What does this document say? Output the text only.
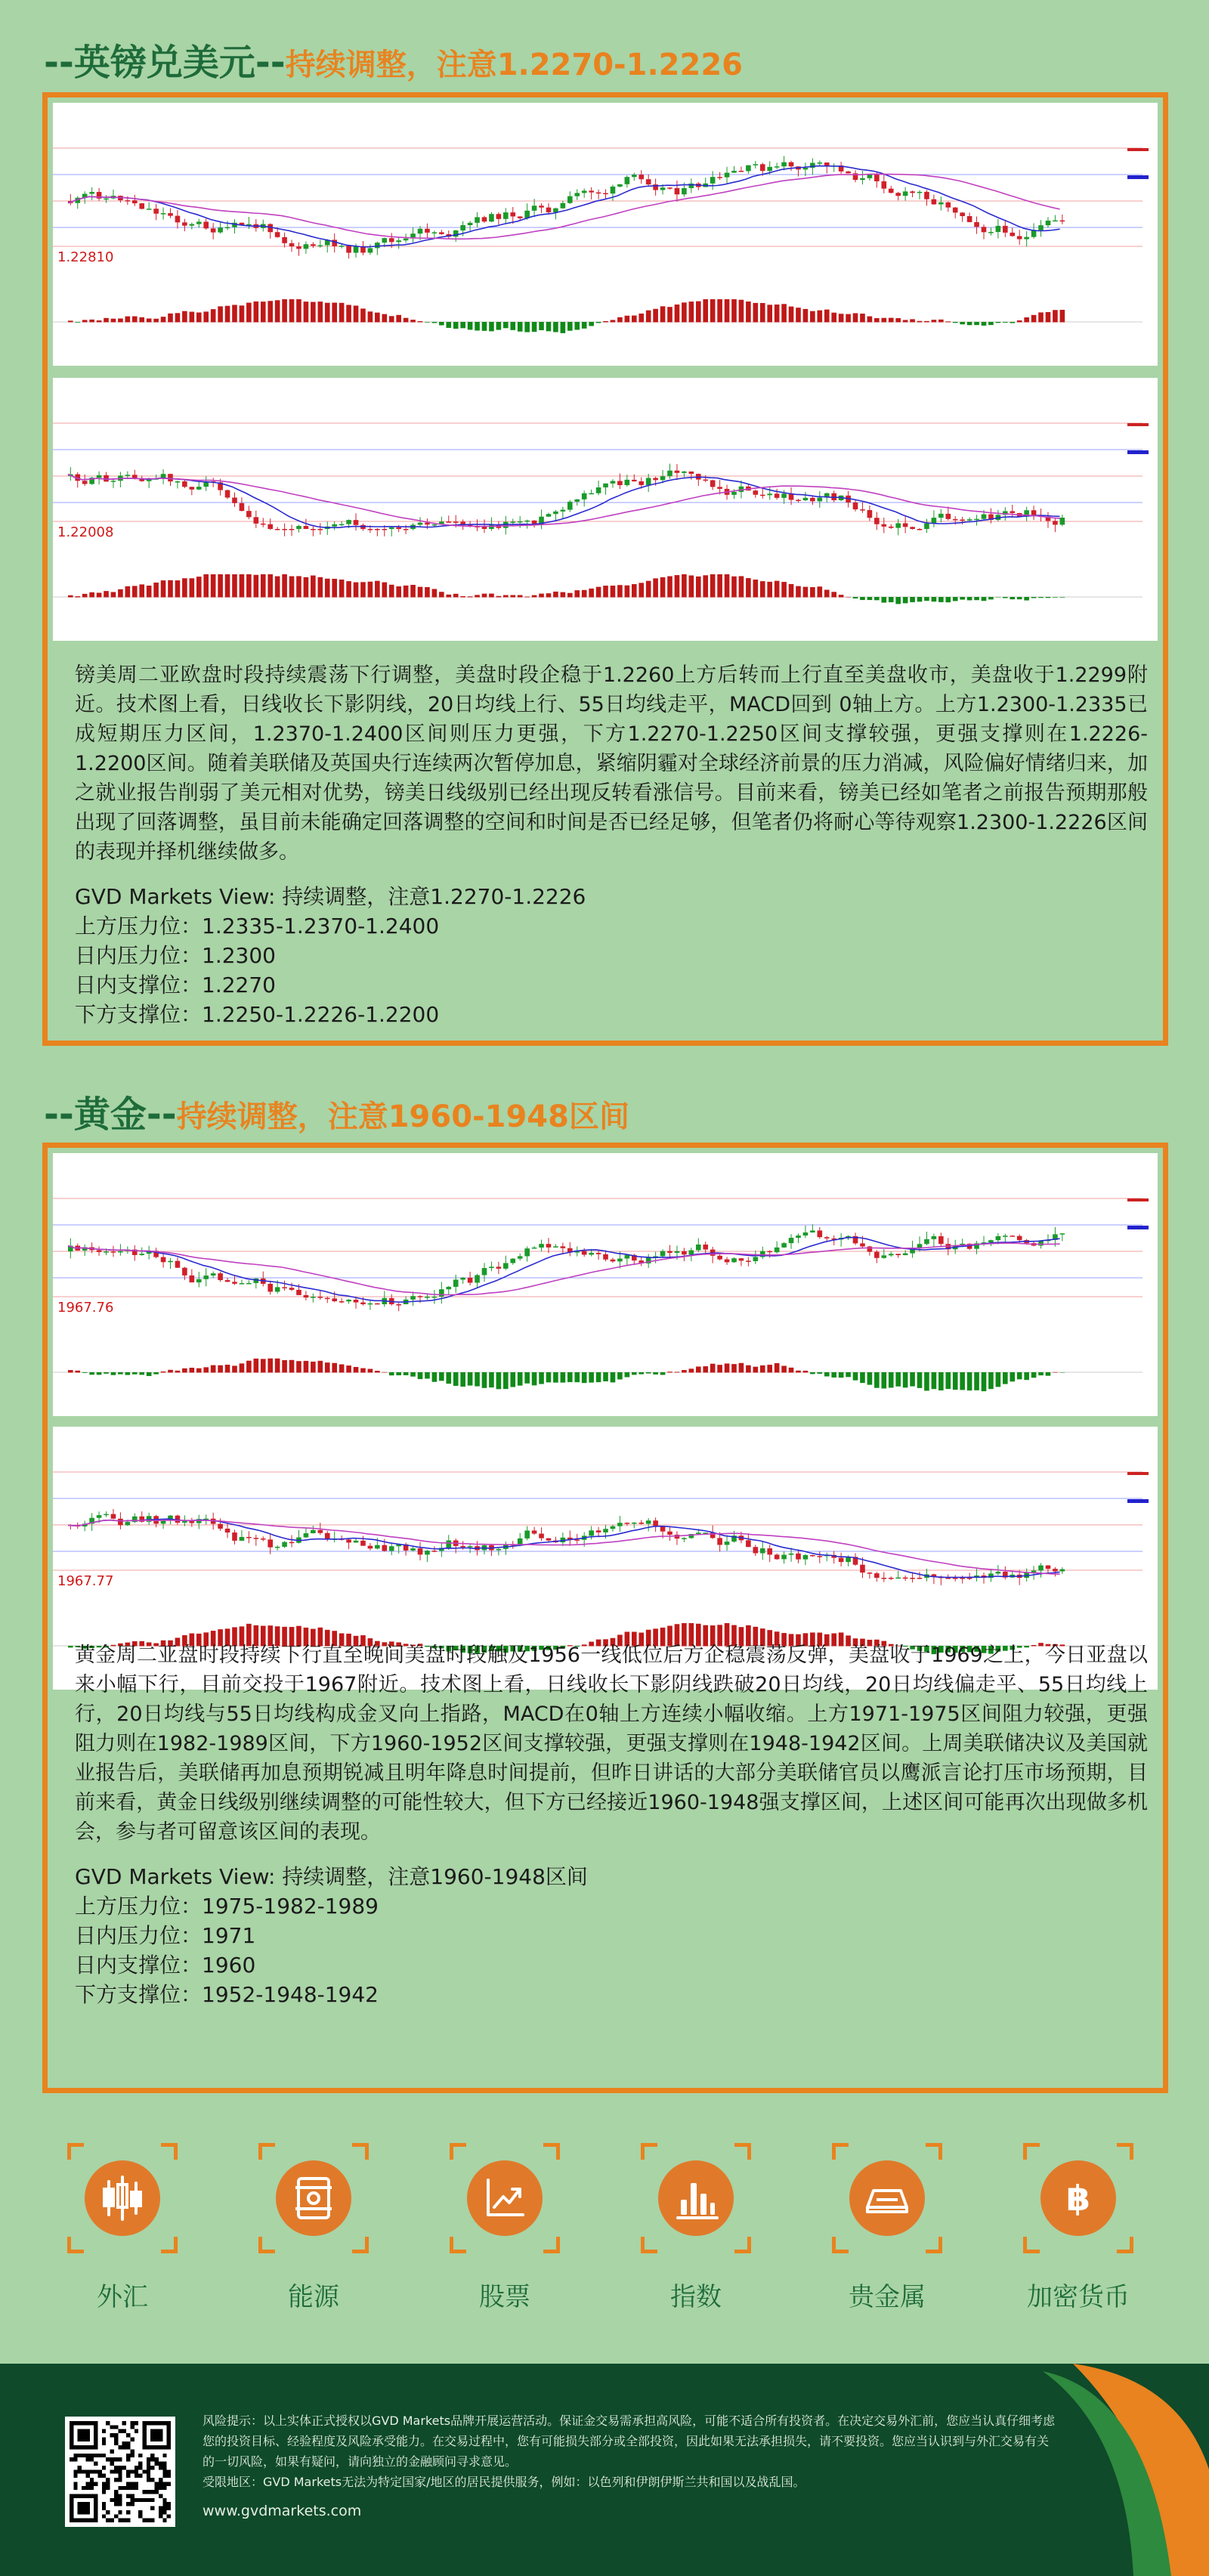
--英镑兑美元--持续调整，注意1.2270-1.2226
1.22810
1.22008

镑美周二亚欧盘时段持续震荡下行调整，美盘时段企稳于1.2260上方后转而上行直至美盘收市，美盘收于1.2299附近。技术图上看，日线收长下影阴线，20日均线上行、55日均线走平，MACD回到 0轴上方。上方1.2300-1.2335已成短期压力区间，1.2370-1.2400区间则压力更强，下方1.2270-1.2250区间支撑较强，更强支撑则在1.2226-1.2200区间。随着美联储及英国央行连续两次暂停加息，紧缩阴霾对全球经济前景的压力消减，风险偏好情绪归来，加之就业报告削弱了美元相对优势，镑美日线级别已经出现反转看涨信号。目前来看，镑美已经如笔者之前报告预期那般出现了回落调整，虽目前未能确定回落调整的空间和时间是否已经足够，但笔者仍将耐心等待观察1.2300-1.2226区间的表现并择机继续做多。

GVD Markets View: 持续调整，注意1.2270-1.2226
上方压力位：1.2335-1.2370-1.2400
日内压力位：1.2300
日内支撑位：1.2270
下方支撑位：1.2250-1.2226-1.2200
--黄金--持续调整，注意1960-1948区间
1967.76
1967.77

黄金周二亚盘时段持续下行直至晚间美盘时段触及1956一线低位后方企稳震荡反弹，美盘收于1969之上，今日亚盘以来小幅下行，目前交投于1967附近。技术图上看，日线收长下影阴线跌破20日均线，20日均线偏走平、55日均线上行，20日均线与55日均线构成金叉向上指路，MACD在0轴上方连续小幅收缩。上方1971-1975区间阻力较强，更强阻力则在1982-1989区间，下方1960-1952区间支撑较强，更强支撑则在1948-1942区间。上周美联储决议及美国就业报告后，美联储再加息预期锐减且明年降息时间提前，但昨日讲话的大部分美联储官员以鹰派言论打压市场预期，目前来看，黄金日线级别继续调整的可能性较大，但下方已经接近1960-1948强支撑区间，上述区间可能再次出现做多机会，参与者可留意该区间的表现。

GVD Markets View: 持续调整，注意1960-1948区间
上方压力位：1975-1982-1989
日内压力位：1971
日内支撑位：1960
下方支撑位：1952-1948-1942
外汇	能源	股票	指数	贵金属
฿
加密货币
风险提示：以上实体正式授权以GVD Markets品牌开展运营活动。保证金交易需承担高风险，可能不适合所有投资者。在决定交易外汇前，您应当认真仔细考虑您的投资目标、经验程度及风险承受能力。在交易过程中，您有可能损失部分或全部投资，因此如果无法承担损失，请不要投资。您应当认识到与外汇交易有关的一切风险，如果有疑问，请向独立的金融顾问寻求意见。
受限地区：GVD Markets无法为特定国家/地区的居民提供服务，例如：以色列和伊朗伊斯兰共和国以及战乱国。
www.gvdmarkets.com
